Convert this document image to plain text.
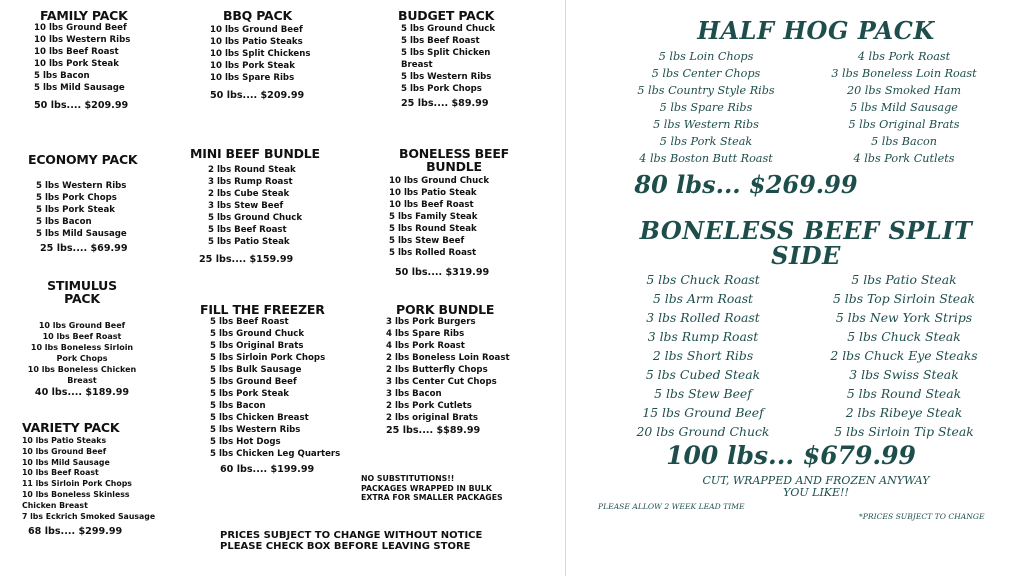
FAMILY PACK
10 lbs Ground Beef
10 lbs Western Ribs
10 lbs Beef Roast
10 lbs Pork Steak
5 lbs Bacon
5 lbs Mild Sausage
50 lbs.... $209.99
BBQ PACK
10 lbs Ground Beef
10 lbs Patio Steaks
10 lbs Split Chickens
10 lbs Pork Steak
10 lbs Spare Ribs
50 lbs.... $209.99
BUDGET PACK
5 lbs Ground Chuck
5 lbs Beef Roast
5 lbs Split Chicken
Breast
5 lbs Western Ribs
5 lbs Pork Chops
25 lbs.... $89.99
ECONOMY PACK
5 lbs Western Ribs
5 lbs Pork Chops
5 lbs Pork Steak
5 lbs Bacon
5 lbs Mild Sausage
25 lbs.... $69.99
MINI BEEF BUNDLE
2 lbs Round Steak
3 lbs Rump Roast
2 lbs Cube Steak
3 lbs Stew Beef
5 lbs Ground Chuck
5 lbs Beef Roast
5 lbs Patio Steak
25 lbs.... $159.99
BONELESS BEEF
BUNDLE
10 lbs Ground Chuck
10 lbs Patio Steak
10 lbs Beef Roast
5 lbs Family Steak
5 lbs Round Steak
5 lbs Stew Beef
5 lbs Rolled Roast
50 lbs.... $319.99
STIMULUS
PACK
10 lbs Ground Beef
10 lbs Beef Roast
10 lbs Boneless Sirloin
Pork Chops
10 lbs Boneless Chicken
Breast
40 lbs.... $189.99
FILL THE FREEZER
5 lbs Beef Roast
5 lbs Ground Chuck
5 lbs Original Brats
5 lbs Sirloin Pork Chops
5 lbs Bulk Sausage
5 lbs Ground Beef
5 lbs Pork Steak
5 lbs Bacon
5 lbs Chicken Breast
5 lbs Western Ribs
5 lbs Hot Dogs
5 lbs Chicken Leg Quarters
60 lbs.... $199.99
PORK BUNDLE
3 lbs Pork Burgers
4 lbs Spare Ribs
4 lbs Pork Roast
2 lbs Boneless Loin Roast
2 lbs Butterfly Chops
3 lbs Center Cut Chops
3 lbs Bacon
2 lbs Pork Cutlets
2 lbs original Brats
25 lbs.... $$89.99
VARIETY PACK
10 lbs Patio Steaks
10 lbs Ground Beef
10 lbs Mild Sausage
10 lbs Beef Roast
11 lbs Sirloin Pork Chops
10 lbs Boneless Skinless
Chicken Breast
7 lbs Eckrich Smoked Sausage
68 lbs.... $299.99
NO SUBSTITUTIONS!!
PACKAGES WRAPPED IN BULK
EXTRA FOR SMALLER PACKAGES
PRICES SUBJECT TO CHANGE WITHOUT NOTICE
PLEASE CHECK BOX BEFORE LEAVING STORE
HALF HOG PACK
5 lbs Loin Chops
5 lbs Center Chops
5 lbs Country Style Ribs
5 lbs Spare Ribs
5 lbs Western Ribs
5 lbs Pork Steak
4 lbs Boston Butt Roast
4 lbs Pork Roast
3 lbs Boneless Loin Roast
20 lbs Smoked Ham
5 lbs Mild Sausage
5 lbs Original Brats
5 lbs Bacon
4 lbs Pork Cutlets
80 lbs... $269.99
BONELESS BEEF SPLIT
SIDE
5 lbs Chuck Roast
5 lbs Arm Roast
3 lbs Rolled Roast
3 lbs Rump Roast
2 lbs Short Ribs
5 lbs Cubed Steak
5 lbs Stew Beef
15 lbs Ground Beef
20 lbs Ground Chuck
5 lbs Patio Steak
5 lbs Top Sirloin Steak
5 lbs New York Strips
5 lbs Chuck Steak
2 lbs Chuck Eye Steaks
3 lbs Swiss Steak
5 lbs Round Steak
2 lbs Ribeye Steak
5 lbs Sirloin Tip Steak
100 lbs... $679.99
CUT, WRAPPED AND FROZEN ANYWAY
YOU LIKE!!
PLEASE ALLOW 2 WEEK LEAD TIME
*PRICES SUBJECT TO CHANGE
